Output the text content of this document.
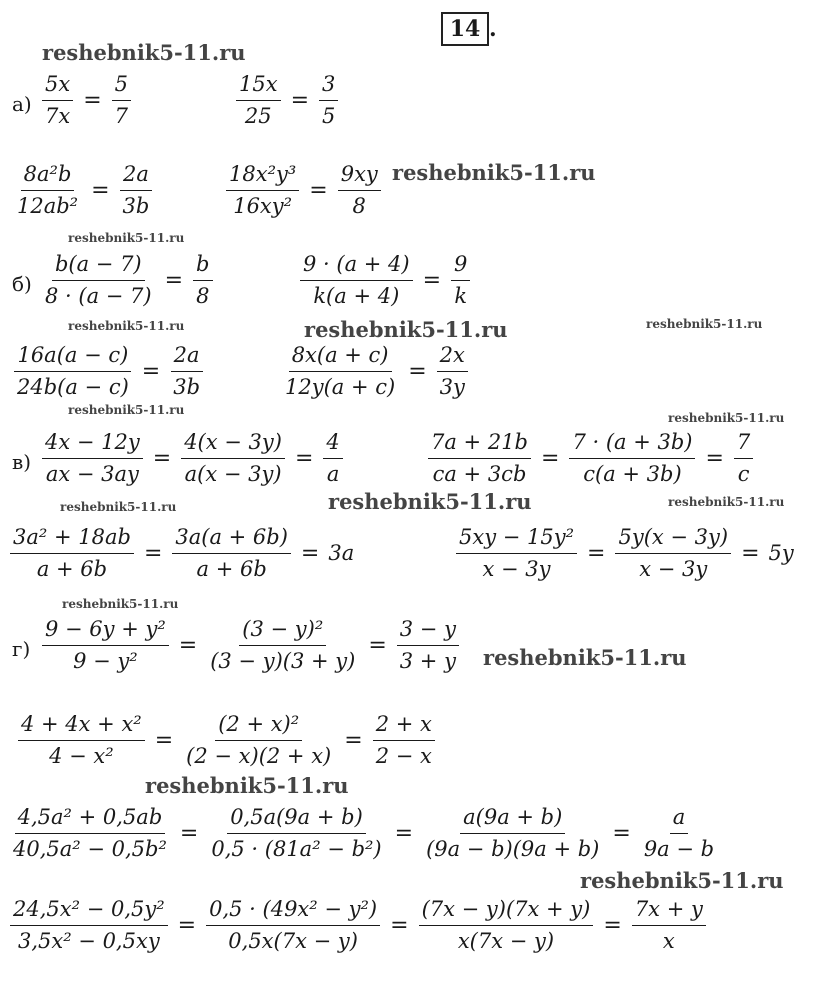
14 .
reshebnik5-11.ru
reshebnik5-11.ru
reshebnik5-11.ru
reshebnik5-11.ru	reshebnik5-11.ru	reshebnik5-11.ru
reshebnik5-11.ru
reshebnik5-11.ru
reshebnik5-11.ru
reshebnik5-11.ru	reshebnik5-11.ru
reshebnik5-11.ru
reshebnik5-11.ru
reshebnik5-11.ru
reshebnik5-11.ru
а)
б)
в)
г)
$\frac{5x}{7x} = \frac{5}{7}$	$\frac{15x}{25} = \frac{3}{5}$
$\frac{\text{8a²b}}{\text{12ab²}} = \frac{2a}{3b}$	$\frac{\text{18x²y³}}{\text{16xy²}} = \frac{9xy}{8}$
$\frac{b(a - 7)}{8 \cdot (a - 7)} = \frac{b}{8}$	$\frac{9 \cdot (a + 4)}{k(a + 4)} = \frac{9}{k}$
$\frac{16a(a - c)}{24b(a - c)} = \frac{2a}{3b}$	$\frac{8x(a + c)}{12y(a + c)} = \frac{2x}{3y}$
$\frac{4x - 12y}{ax - 3ay} = \frac{4(x - 3y)}{a(x - 3y)} = \frac{4}{a}$	$\frac{7a + 21b}{ca + 3cb} = \frac{7 \cdot (a + 3b)}{c(a + 3b)} = \frac{7}{c}$
$\frac{\text{3a² + 18ab}}{a + 6b} = \frac{3a(a + 6b)}{a + 6b} = 3a$	$\frac{\text{5xy − 15y²}}{x - 3y} = \frac{5y(x - 3y)}{x - 3y} = 5y$
$\frac{\text{9 − 6y + y²}}{\text{9 − y²}} = \frac{\text{(3 − y)²}}{(3 - y)(3 + y)} = \frac{3 - y}{3 + y}$
$\frac{\text{4 + 4x + x²}}{\text{4 − x²}} = \frac{\text{(2 + x)²}}{(2 - x)(2 + x)} = \frac{2 + x}{2 - x}$
$\frac{\text{4,5a² + 0,5ab}}{\text{40,5a² − 0,5b²}} = \frac{0,5a(9a + b)}{\text{0,5 · (81a² − b²)}} = \frac{a(9a + b)}{(9a - b)(9a + b)} = \frac{a}{9a - b}$
$\frac{\text{24,5x² − 0,5y²}}{\text{3,5x² − 0,5xy}} = \frac{\text{0,5 · (49x² − y²)}}{0,5x(7x - y)} = \frac{(7x - y)(7x + y)}{x(7x - y)} = \frac{7x + y}{x}$
